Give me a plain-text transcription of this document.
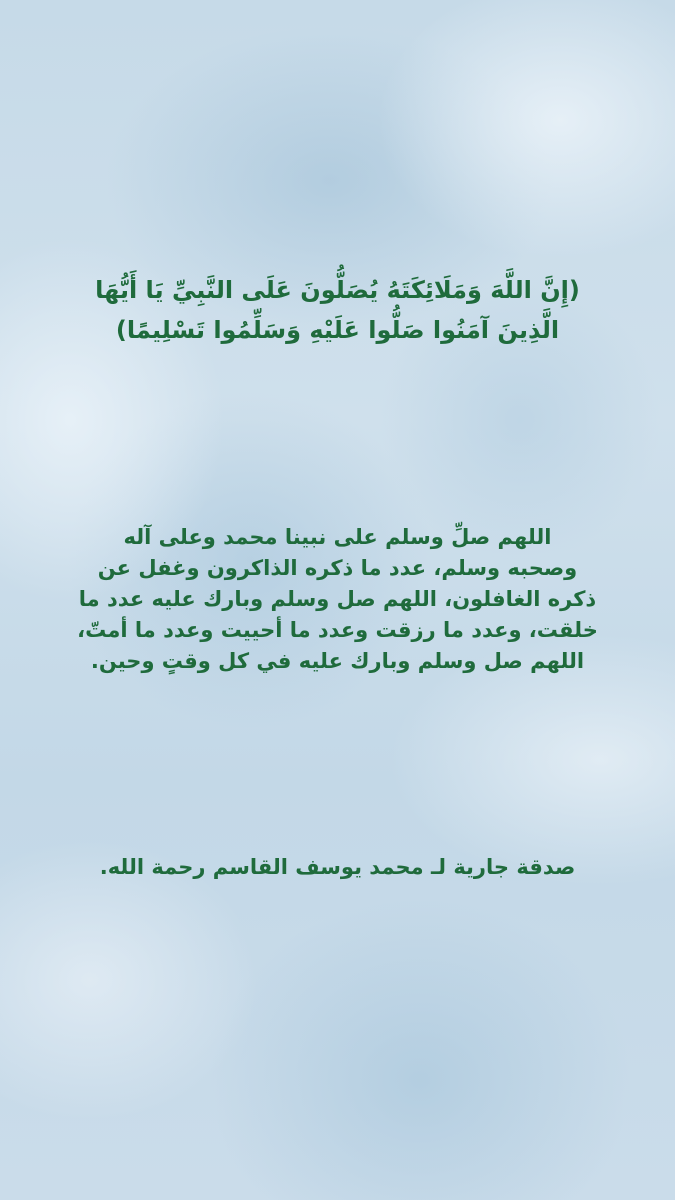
(إِنَّ اللَّهَ وَمَلَائِكَتَهُ يُصَلُّونَ عَلَى النَّبِيِّ يَا أَيُّهَا
الَّذِينَ آمَنُوا صَلُّوا عَلَيْهِ وَسَلِّمُوا تَسْلِيمًا)
اللهم صلِّ وسلم على نبينا محمد وعلى آله
وصحبه وسلم، عدد ما ذكره الذاكرون وغفل عن
ذكره الغافلون، اللهم صل وسلم وبارك عليه عدد ما
خلقت، وعدد ما رزقت وعدد ما أحييت وعدد ما أمتّ،
اللهم صل وسلم وبارك عليه في كل وقتٍ وحين.
صدقة جارية لـ محمد يوسف القاسم رحمة الله.
